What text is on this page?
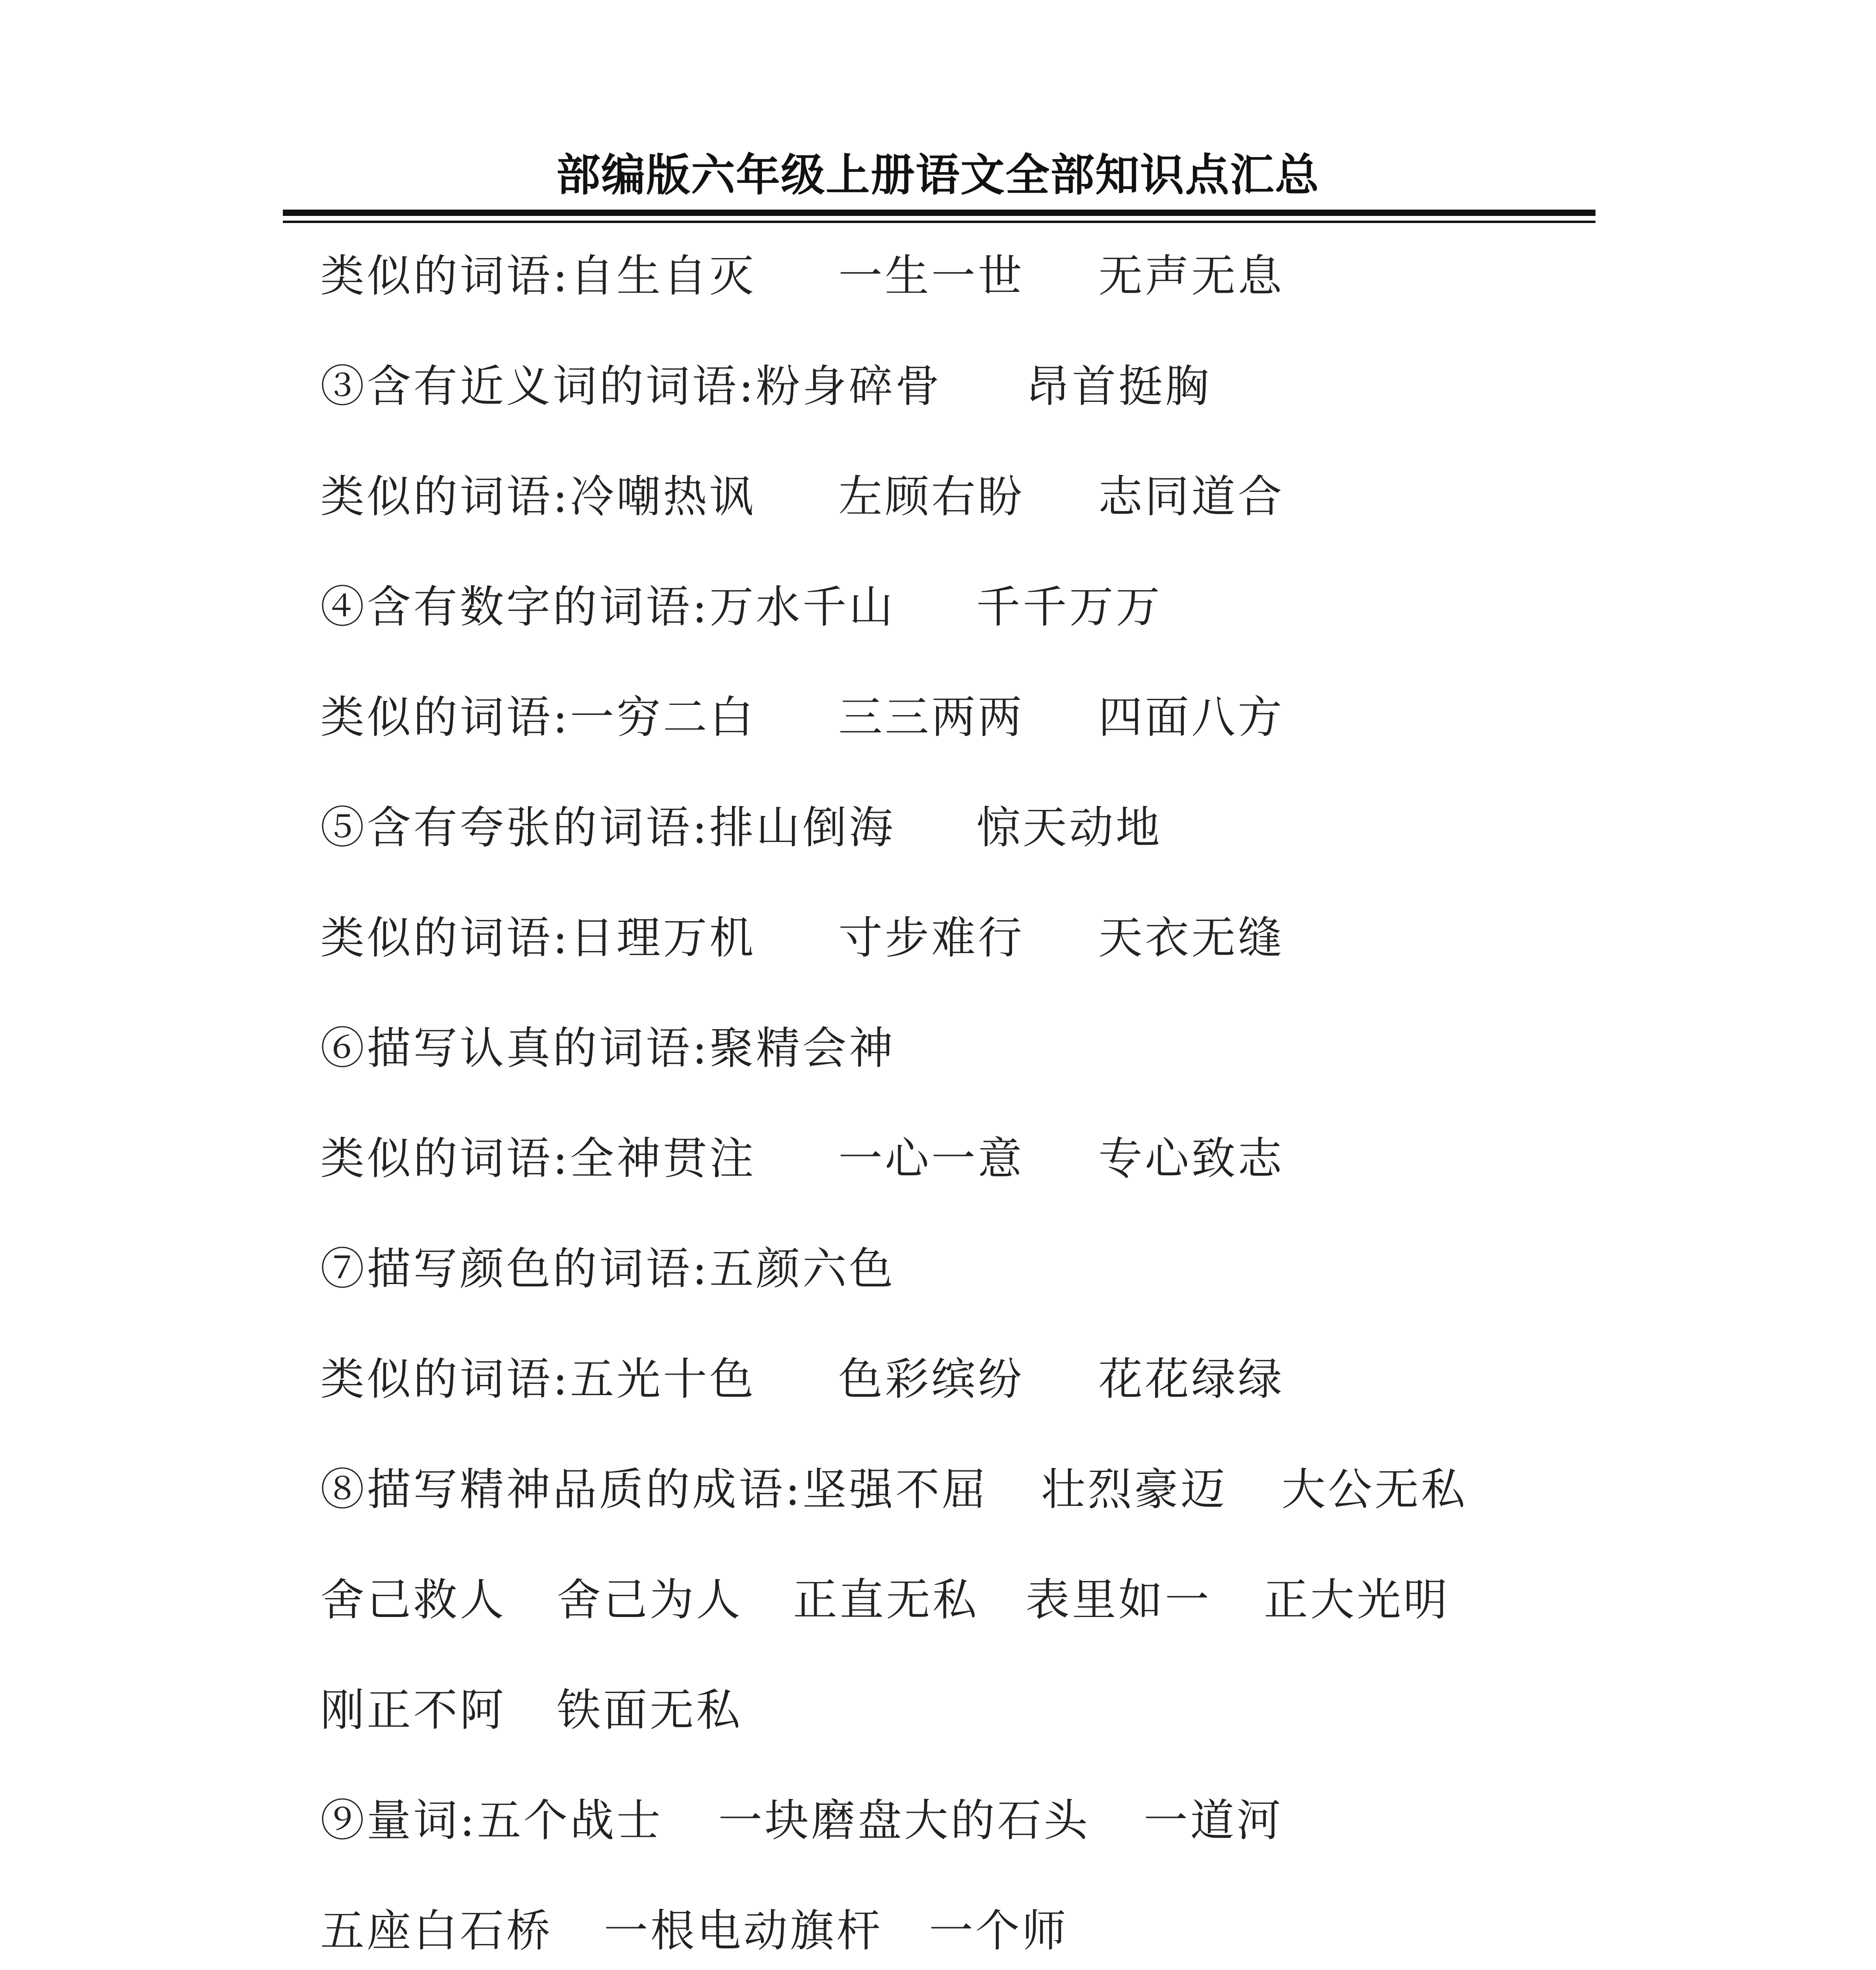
部编版六年级上册语文全部知识点汇总
类似的词语:自生自灭 一生一世 无声无息
③含有近义词的词语:粉身碎骨 昂首挺胸
类似的词语:冷嘲热讽 左顾右盼 志同道合
④含有数字的词语:万水千山 千千万万
类似的词语:一穷二白 三三两两 四面八方
⑤含有夸张的词语:排山倒海 惊天动地
类似的词语:日理万机 寸步难行 天衣无缝
⑥描写认真的词语:聚精会神
类似的词语:全神贯注 一心一意 专心致志
⑦描写颜色的词语:五颜六色
类似的词语:五光十色 色彩缤纷 花花绿绿
⑧描写精神品质的成语:坚强不屈 壮烈豪迈 大公无私
舍己救人 舍己为人 正直无私 表里如一 正大光明
刚正不阿 铁面无私
⑨量词:五个战士 一块磨盘大的石头 一道河
五座白石桥 一根电动旗杆 一个师
